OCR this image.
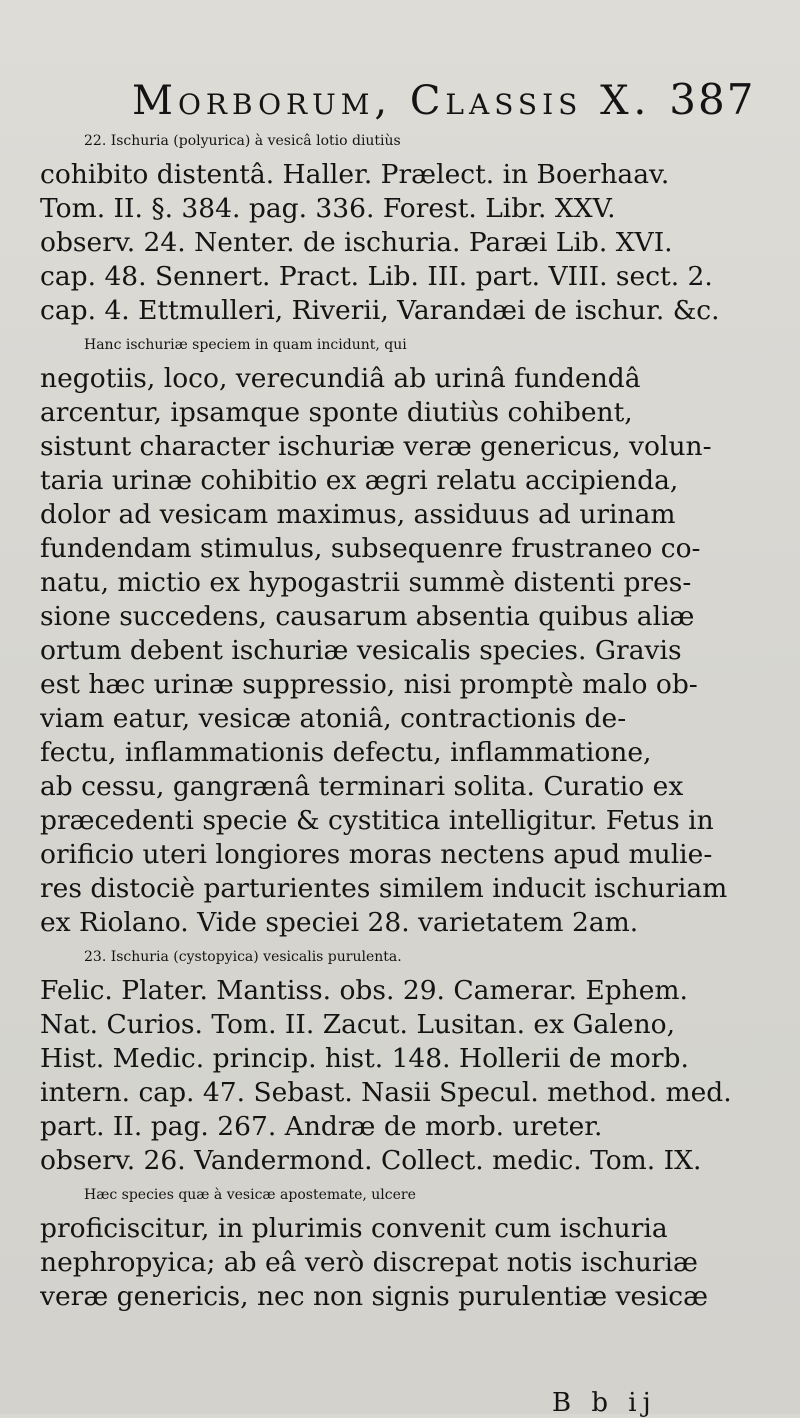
Morborum, Classis X. 387
22. Ischuria (polyurica) à vesicâ lotio diutiùs
cohibito distentâ. Haller. Prælect. in Boerhaav.
Tom. II. §. 384. pag. 336. Forest. Libr. XXV.
observ. 24. Nenter. de ischuria. Paræi Lib. XVI.
cap. 48. Sennert. Pract. Lib. III. part. VIII. sect. 2.
cap. 4. Ettmulleri, Riverii, Varandæi de ischur. &c.
Hanc ischuriæ speciem in quam incidunt, qui
negotiis, loco, verecundiâ ab urinâ fundendâ
arcentur, ipsamque sponte diutiùs cohibent,
sistunt character ischuriæ veræ genericus, volun-
taria urinæ cohibitio ex ægri relatu accipienda,
dolor ad vesicam maximus, assiduus ad urinam
fundendam stimulus, subsequenre frustraneo co-
natu, mictio ex hypogastrii summè distenti pres-
sione succedens, causarum absentia quibus aliæ
ortum debent ischuriæ vesicalis species. Gravis
est hæc urinæ suppressio, nisi promptè malo ob-
viam eatur, vesicæ atoniâ, contractionis de-
fectu, inflammationis defectu, inflammatione,
ab cessu, gangrænâ terminari solita. Curatio ex
præcedenti specie & cystitica intelligitur. Fetus in
orificio uteri longiores moras nectens apud mulie-
res distociè parturientes similem inducit ischuriam
ex Riolano. Vide speciei 28. varietatem 2am.
23. Ischuria (cystopyica) vesicalis purulenta.
Felic. Plater. Mantiss. obs. 29. Camerar. Ephem.
Nat. Curios. Tom. II. Zacut. Lusitan. ex Galeno,
Hist. Medic. princip. hist. 148. Hollerii de morb.
intern. cap. 47. Sebast. Nasii Specul. method. med.
part. II. pag. 267. Andræ de morb. ureter.
observ. 26. Vandermond. Collect. medic. Tom. IX.
Hæc species quæ à vesicæ apostemate, ulcere
proficiscitur, in plurimis convenit cum ischuria
nephropyica; ab eâ verò discrepat notis ischuriæ
veræ genericis, nec non signis purulentiæ vesicæ
B b ij
